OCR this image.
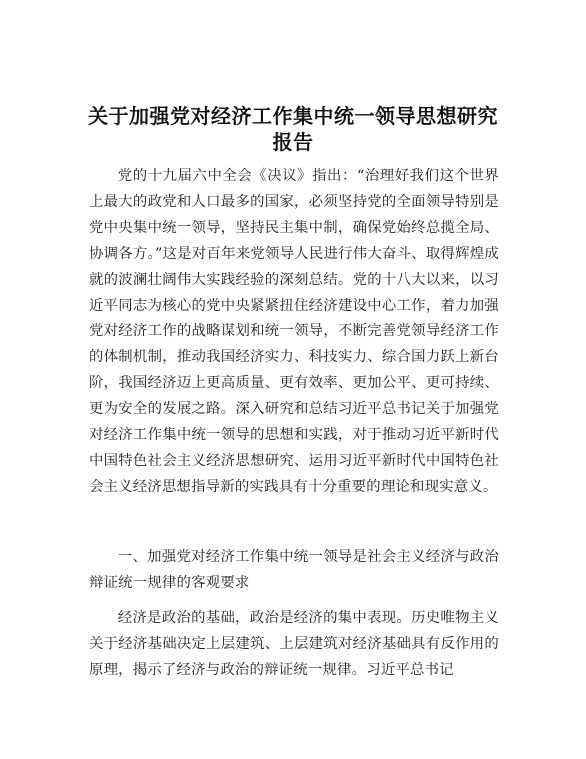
关于加强党对经济工作集中统一领导思想研究报告

党的十九届六中全会《决议》指出：“治理好我们这个世界上最大的政党和人口最多的国家，必须坚持党的全面领导特别是党中央集中统一领导，坚持民主集中制，确保党始终总揽全局、协调各方。”这是对百年来党领导人民进行伟大奋斗、取得辉煌成就的波澜壮阔伟大实践经验的深刻总结。党的十八大以来，以习近平同志为核心的党中央紧紧扭住经济建设中心工作，着力加强党对经济工作的战略谋划和统一领导，不断完善党领导经济工作的体制机制，推动我国经济实力、科技实力、综合国力跃上新台阶，我国经济迈上更高质量、更有效率、更加公平、更可持续、更为安全的发展之路。深入研究和总结习近平总书记关于加强党对经济工作集中统一领导的思想和实践，对于推动习近平新时代中国特色社会主义经济思想研究、运用习近平新时代中国特色社会主义经济思想指导新的实践具有十分重要的理论和现实意义。

一、加强党对经济工作集中统一领导是社会主义经济与政治辩证统一规律的客观要求

经济是政治的基础，政治是经济的集中表现。历史唯物主义关于经济基础决定上层建筑、上层建筑对经济基础具有反作用的原理，揭示了经济与政治的辩证统一规律。习近平总书记
